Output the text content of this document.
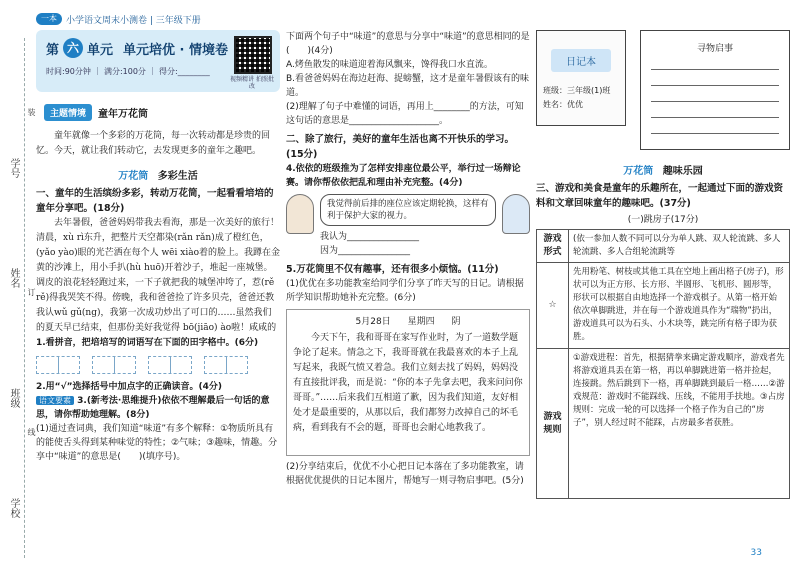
一本	小学语文周末小测卷 | 三年级下册
学号
姓名
班级
学校
装
订
线
第 六 单元 单元培优 · 情境卷
时间:90分钟 ｜ 满分:100分 ｜ 得分:________
视频精讲 拍照批改
主题情境	童年万花筒

童年就像一个多彩的万花筒，每一次转动都是珍贵的回忆。今天，就让我们转动它，去发现更多的童年之趣吧。

万花筒 多彩生活

一、童年的生活缤纷多彩，转动万花筒，一起看看培培的童年分享吧。(18分)

去年暑假，爸爸妈妈带我去看海，那是一次美好的旅行！清晨，xù rì东升，把整片天空都染(rǎn rǎn)成了橙红色，(yǎo yào)眼的光芒洒在每个人 wēi xiào着的脸上。我蹲在金黄的沙滩上，用小手扒(hù huō)开着沙子，堆起一座城堡。调皮的浪花轻轻跑过来，一下子就把我的城堡冲垮了，惹(rě rě)得我哭笑不得。傍晚，我和爸爸捡了许多贝壳，爸爸还教我认wǔ gǔ(ng)，我第一次成功炒出了可口的……虽然我们的夏天早已结束，但那份美好我觉得 bō(jiāo) ào啦！咸咸的

1.看拼音，把培培写的词语写在下面的田字格中。(6分)

2.用“√”选择括号中加点字的正确读音。(4分)

语文要素 3.(新考法·思维提升)依依不理解最后一句话的意思，请你帮助她理解。(8分)

(1)通过查词典，我们知道“味道”有多个解释：①物质所具有的能使舌头得到某种味觉的特性；②气味；③趣味，情趣。分享中“味道”的意思是(　　)(填序号)。

下面两个句子中“味道”的意思与分享中“味道”的意思相同的是(　　)(4分)

A.烤鱼散发的味道迎着海风飘来，馋得我口水直流。

B.看爸爸妈妈在海边赶海、捉螃蟹，这才是童年暑假该有的味道。

(2)理解了句子中难懂的词语，再用上________的方法，可知这句话的意思是____________________。

二、除了旅行，美好的童年生活也离不开快乐的学习。(15分)

4.依依的班级推为了怎样安排座位最公平，举行过一场辩论赛。请你帮依依把乱和理由补充完整。(4分)

我觉得前后排的座位应该定期轮换，这样有利于保护大家的视力。

我认为________________

因为________________

5.万花筒里不仅有趣事，还有很多小烦恼。(11分)

(1)优优在多功能教室给同学们分享了昨天写的日记。请根据所学知识帮助她补充完整。(6分)

5月28日 星期四 阴

今天下午，我和哥哥在家写作业时，为了一道数学题争论了起来。情急之下，我哥哥就在我最喜欢的本子上乱写起来，我既气愤又着急。我们立刻去找了妈妈，妈妈没有直接批评我，而是说：“你的本子先拿去吧，我来问问你哥哥。”……后来我们互相道了歉，因为我们知道，友好相处才是最重要的，从那以后，我们都努力改掉自己的坏毛病，看到我有不会的题，哥哥也会耐心地教我了。

(2)分享结束后，优优不小心把日记本落在了多功能教室，请根据优优提供的日记本图片，帮她写一则寻物启事吧。(5分)

日记本
班级：三年级(1)班　姓名：优优
寻物启事
万花筒 趣味乐园

三、游戏和美食是童年的乐趣所在，一起通过下面的游戏资料和文章回味童年的趣味吧。(37分)

(一)跳房子(17分)

游戏形式	(依一参加人数不同可以分为单人跳、双人轮流跳、多人轮流跳、多人合组轮流跳等
☆	先用粉笔、树枝或其他工具在空地上画出格子(房子)，形状可以为正方形、长方形、半圆形、飞机形、圆形等，形状可以根据自由地选择一个游戏棋子。从第一格开始依次单脚跳进，并在每一个游戏道具作为“瑞物”扔出，游戏道具可以为石头、小木块等，跳完所有格子即为获胜。
游戏规则	①游戏进程：首先，根据猜拳来确定游戏顺序，游戏者先将游戏道具丢在第一格，再以单脚跳进第一格并捡起，连接跳。然后跳到下一格，再单脚跳到最后一格……②游戏规范：游戏时不能踩线、压线，不能用手扶地。③占房规则：完成一轮的可以选择一个格子作为自己的“房子”，别人经过时不能踩，占房最多者获胜。
33
